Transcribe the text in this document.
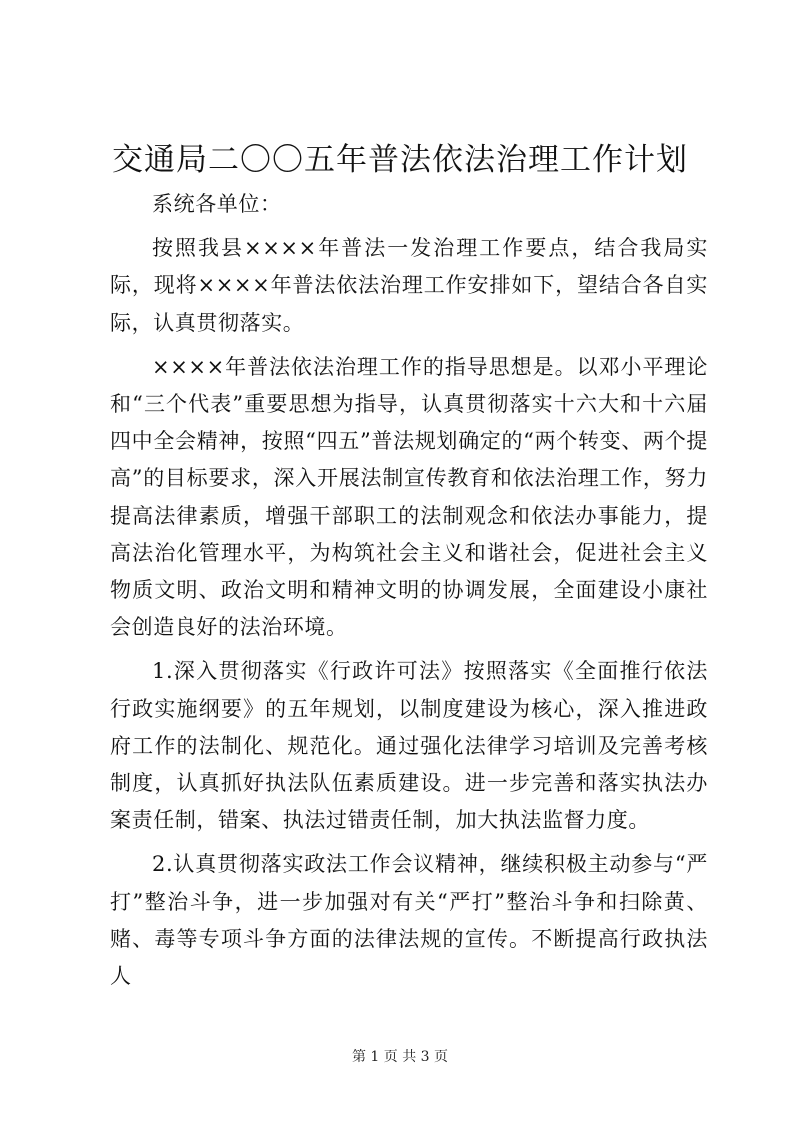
交通局二〇〇五年普法依法治理工作计划

系统各单位：

按照我县××××年普法一发治理工作要点，结合我局实际，现将××××年普法依法治理工作安排如下，望结合各自实际，认真贯彻落实。

××××年普法依法治理工作的指导思想是。以邓小平理论和“三个代表”重要思想为指导，认真贯彻落实十六大和十六届四中全会精神，按照“四五”普法规划确定的“两个转变、两个提高”的目标要求，深入开展法制宣传教育和依法治理工作，努力提高法律素质，增强干部职工的法制观念和依法办事能力，提高法治化管理水平，为构筑社会主义和谐社会，促进社会主义物质文明、政治文明和精神文明的协调发展，全面建设小康社会创造良好的法治环境。

1.深入贯彻落实《行政许可法》按照落实《全面推行依法行政实施纲要》的五年规划，以制度建设为核心，深入推进政府工作的法制化、规范化。通过强化法律学习培训及完善考核制度，认真抓好执法队伍素质建设。进一步完善和落实执法办案责任制，错案、执法过错责任制，加大执法监督力度。

2.认真贯彻落实政法工作会议精神，继续积极主动参与“严打”整治斗争，进一步加强对有关“严打”整治斗争和扫除黄、赌、毒等专项斗争方面的法律法规的宣传。不断提高行政执法人

第 1 页 共 3 页
